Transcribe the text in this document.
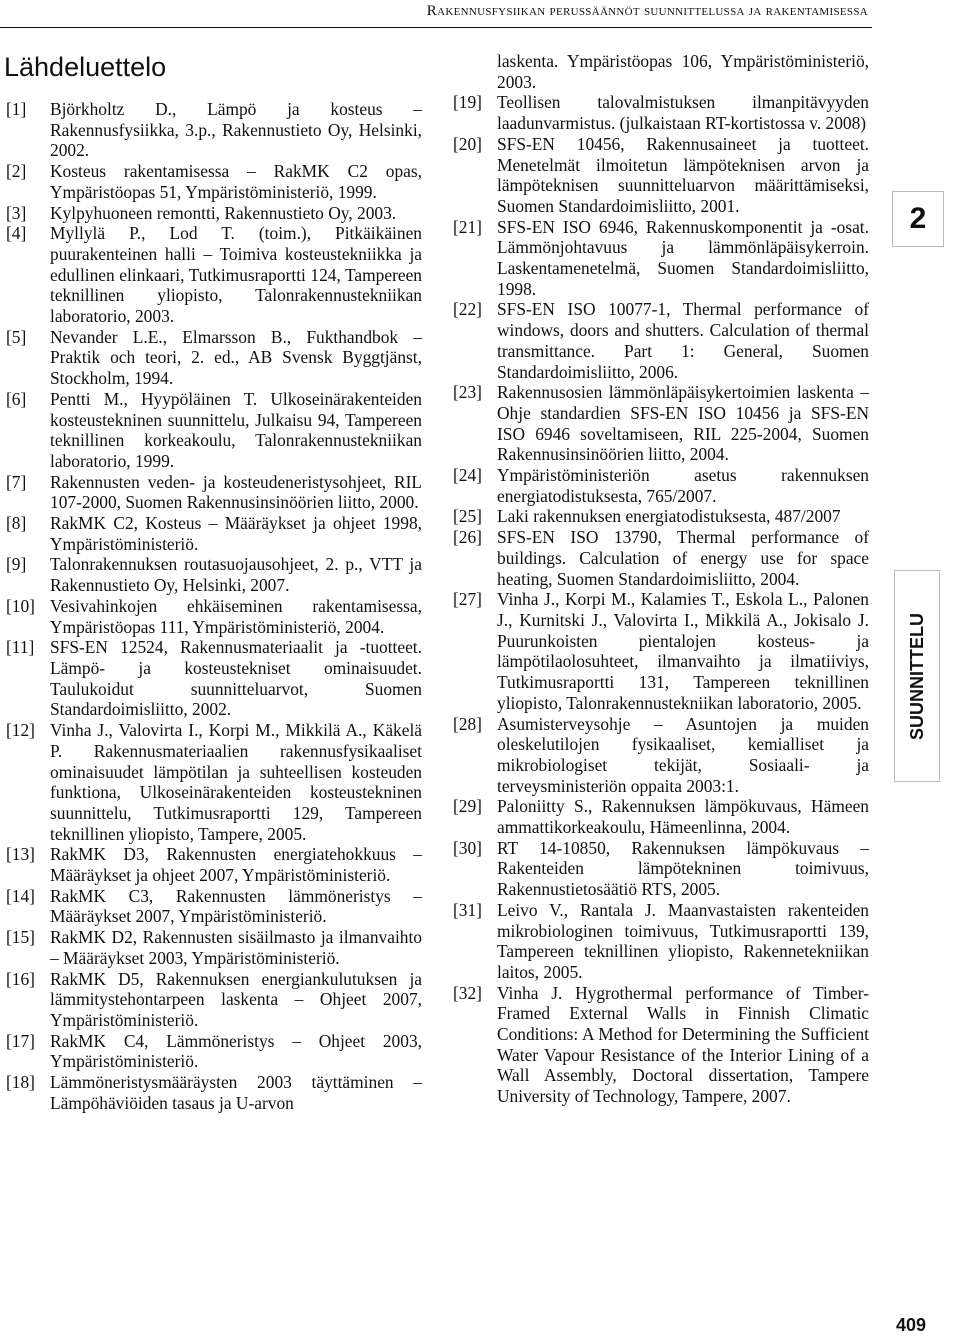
Rakennusfysiikan perussäännöt suunnittelussa ja rakentamisessa
Lähdeluettelo

[1]	Björkholtz D., Lämpö ja kosteus – Rakennusfysiikka, 3.p., Rakennustieto Oy, Helsinki, 2002.

[2]	Kosteus rakentamisessa – RakMK C2 opas, Ympäristöopas 51, Ympäristöministeriö, 1999.

[3]	Kylpyhuoneen remontti, Rakennustieto Oy, 2003.

[4]	Myllylä P., Lod T. (toim.), Pitkäikäinen puurakenteinen halli – Toimiva kosteustekniikka ja edullinen elinkaari, Tutkimusraportti 124, Tampereen teknillinen yliopisto, Talonrakennustekniikan laboratorio, 2003.

[5]	Nevander L.E., Elmarsson B., Fukthandbok – Praktik och teori, 2. ed., AB Svensk Byggtjänst, Stockholm, 1994.

[6]	Pentti M., Hyypöläinen T. Ulkoseinärakenteiden kosteustekninen suunnittelu, Julkaisu 94, Tampereen teknillinen korkeakoulu, Talonrakennustekniikan laboratorio, 1999.

[7]	Rakennusten veden- ja kosteudeneristysohjeet, RIL 107-2000, Suomen Rakennusinsinöörien liitto, 2000.

[8]	RakMK C2, Kosteus – Määräykset ja ohjeet 1998, Ympäristöministeriö.

[9]	Talonrakennuksen routasuojausohjeet, 2. p., VTT ja Rakennustieto Oy, Helsinki, 2007.

[10] Vesivahinkojen ehkäiseminen rakentamisessa, Ympäristöopas 111, Ympäristöministeriö, 2004.

[11] SFS-EN 12524, Rakennusmateriaalit ja -tuotteet. Lämpö- ja kosteustekniset ominaisuudet. Taulukoidut suunnitteluarvot, Suomen Standardoimisliitto, 2002.

[12] Vinha J., Valovirta I., Korpi M., Mikkilä A., Käkelä P. Rakennusmateriaalien rakennusfysikaaliset ominaisuudet lämpötilan ja suhteellisen kosteuden funktiona, Ulkoseinärakenteiden kosteustekninen suunnittelu, Tutkimusraportti 129, Tampereen teknillinen yliopisto, Tampere, 2005.

[13] RakMK D3, Rakennusten energiatehokkuus – Määräykset ja ohjeet 2007, Ympäristöministeriö.

[14] RakMK C3, Rakennusten lämmöneristys – Määräykset 2007, Ympäristöministeriö.

[15] RakMK D2, Rakennusten sisäilmasto ja ilmanvaihto – Määräykset 2003, Ympäristöministeriö.

[16] RakMK D5, Rakennuksen energiankulutuksen ja lämmitystehontarpeen laskenta – Ohjeet 2007, Ympäristöministeriö.

[17] RakMK C4, Lämmöneristys – Ohjeet 2003, Ympäristöministeriö.

[18] Lämmöneristysmääräysten 2003 täyttäminen – Lämpöhäviöiden tasaus ja U-arvon

laskenta. Ympäristöopas 106, Ympäristöministeriö, 2003.

[19] Teollisen talovalmistuksen ilmanpitävyyden laadunvarmistus. (julkaistaan RT-kortistossa v. 2008)

[20] SFS-EN 10456, Rakennusaineet ja tuotteet. Menetelmät ilmoitetun lämpöteknisen arvon ja lämpöteknisen suunnitteluarvon määrittämiseksi, Suomen Standardoimisliitto, 2001.

[21] SFS-EN ISO 6946, Rakennuskomponentit ja -osat. Lämmönjohtavuus ja lämmönläpäisykerroin. Laskentamenetelmä, Suomen Standardoimisliitto, 1998.

[22] SFS-EN ISO 10077-1, Thermal performance of windows, doors and shutters. Calculation of thermal transmittance. Part 1: General, Suomen Standardoimisliitto, 2006.

[23] Rakennusosien lämmönläpäisykertoimien laskenta – Ohje standardien SFS-EN ISO 10456 ja SFS-EN ISO 6946 soveltamiseen, RIL 225-2004, Suomen Rakennusinsinöörien liitto, 2004.

[24] Ympäristöministeriön asetus rakennuksen energiatodistuksesta, 765/2007.

[25] Laki rakennuksen energiatodistuksesta, 487/2007

[26] SFS-EN ISO 13790, Thermal performance of buildings. Calculation of energy use for space heating, Suomen Standardoimisliitto, 2004.

[27] Vinha J., Korpi M., Kalamies T., Eskola L., Palonen J., Kurnitski J., Valovirta I., Mikkilä A., Jokisalo J. Puurunkoisten pientalojen kosteus- ja lämpötilaolosuhteet, ilmanvaihto ja ilmatiiviys, Tutkimusraportti 131, Tampereen teknillinen yliopisto, Talonrakennustekniikan laboratorio, 2005.

[28] Asumisterveysohje – Asuntojen ja muiden oleskelutilojen fysikaaliset, kemialliset ja mikrobiologiset tekijät, Sosiaali- ja terveysministeriön oppaita 2003:1.

[29] Paloniitty S., Rakennuksen lämpökuvaus, Hämeen ammattikorkeakoulu, Hämeenlinna, 2004.

[30] RT 14-10850, Rakennuksen lämpökuvaus – Rakenteiden lämpötekninen toimivuus, Rakennustietosäätiö RTS, 2005.

[31] Leivo V., Rantala J. Maanvastaisten rakenteiden mikrobiologinen toimivuus, Tutkimusraportti 139, Tampereen teknillinen yliopisto, Rakennetekniikan laitos, 2005.

[32] Vinha J. Hygrothermal performance of Timber-Framed External Walls in Finnish Climatic Conditions: A Method for Determining the Sufficient Water Vapour Resistance of the Interior Lining of a Wall Assembly, Doctoral dissertation, Tampere University of Technology, Tampere, 2007.

2
SUUNNITTELU
409
